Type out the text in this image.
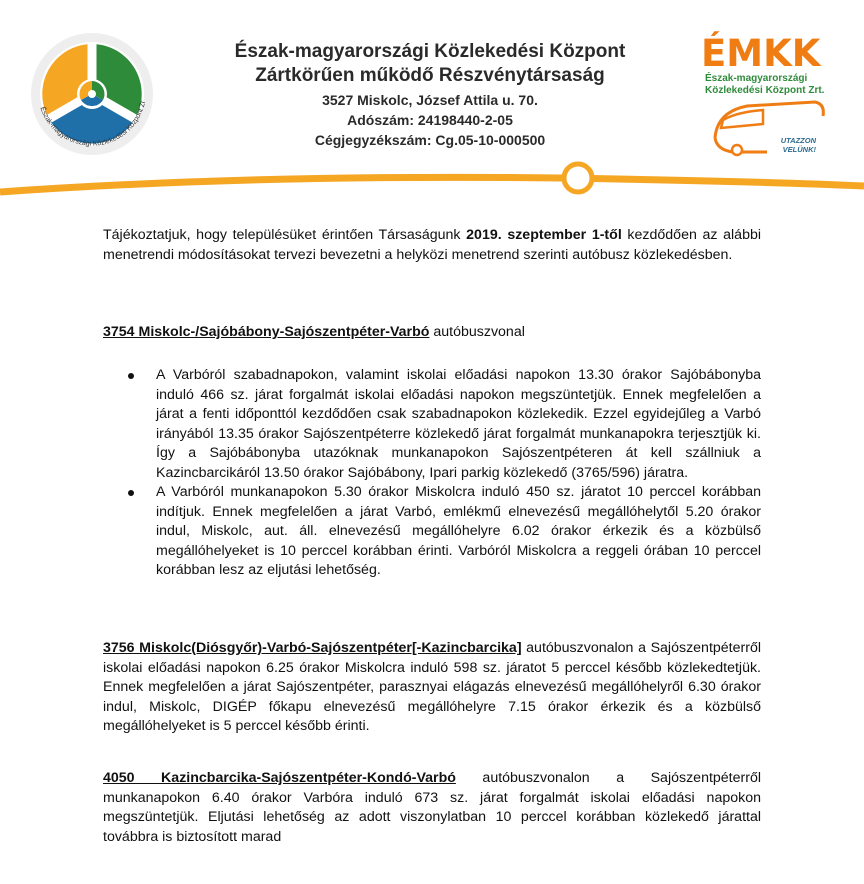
Észak-magyarországi Közlekedési Központ Zr
Észak-magyarországi Közlekedési Központ
Zártkörűen működő Részvénytársaság
3527 Miskolc, József Attila u. 70.
Adószám: 24198440-2-05
Cégjegyzékszám: Cg.05-10-000500
ÉMKK
Észak-magyarországi
Közlekedési Központ Zrt.
UTAZZON
VELÜNK!

Tájékoztatjuk, hogy településüket érintően Társaságunk 2019. szeptember 1-től kezdődően az alábbi menetrendi módosításokat tervezi bevezetni a helyközi menetrend szerinti autóbusz közlekedésben.

3754 Miskolc-/Sajóbábony-Sajószentpéter-Varbó autóbuszvonal

A Varbóról szabadnapokon, valamint iskolai előadási napokon 13.30 órakor Sajóbábonyba induló 466 sz. járat forgalmát iskolai előadási napokon megszüntetjük. Ennek megfelelően a járat a fenti időponttól kezdődően csak szabadnapokon közlekedik. Ezzel egyidejűleg a Varbó irányából 13.35 órakor Sajószentpéterre közlekedő járat forgalmát munkanapokra terjesztjük ki. Így a Sajóbábonyba utazóknak munkanapokon Sajószentpéteren át kell szállniuk a Kazincbarcikáról 13.50 órakor Sajóbábony, Ipari parkig közlekedő (3765/596) járatra.
A Varbóról munkanapokon 5.30 órakor Miskolcra induló 450 sz. járatot 10 perccel korábban indítjuk. Ennek megfelelően a járat Varbó, emlékmű elnevezésű megállóhelytől 5.20 órakor indul, Miskolc, aut. áll. elnevezésű megállóhelyre 6.02 órakor érkezik és a közbülső megállóhelyeket is 10 perccel korábban érinti. Varbóról Miskolcra a reggeli órában 10 perccel korábban lesz az eljutási lehetőség.

3756 Miskolc(Diósgyőr)-Varbó-Sajószentpéter[-Kazincbarcika] autóbuszvonalon a Sajószentpéterről iskolai előadási napokon 6.25 órakor Miskolcra induló 598 sz. járatot 5 perccel később közlekedtetjük. Ennek megfelelően a járat Sajószentpéter, parasznyai elágazás elnevezésű megállóhelyről 6.30 órakor indul, Miskolc, DIGÉP főkapu elnevezésű megállóhelyre 7.15 órakor érkezik és a közbülső megállóhelyeket is 5 perccel később érinti.

4050 Kazincbarcika-Sajószentpéter-Kondó-Varbó autóbuszvonalon a Sajószentpéterről munkanapokon 6.40 órakor Varbóra induló 673 sz. járat forgalmát iskolai előadási napokon megszüntetjük. Eljutási lehetőség az adott viszonylatban 10 perccel korábban közlekedő járattal továbbra is biztosított marad
